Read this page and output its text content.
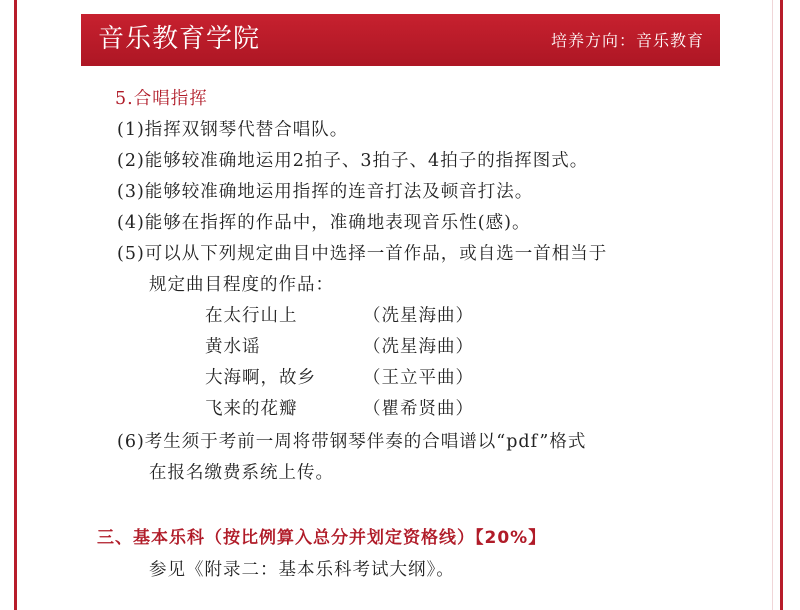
音乐教育学院	培养方向：音乐教育
5.合唱指挥
(1)指挥双钢琴代替合唱队。
(2)能够较准确地运用2拍子、3拍子、4拍子的指挥图式。
(3)能够较准确地运用指挥的连音打法及顿音打法。
(4)能够在指挥的作品中，准确地表现音乐性(感)。
(5)可以从下列规定曲目中选择一首作品，或自选一首相当于
规定曲目程度的作品：
在太行山上	（冼星海曲）
黄水谣	（冼星海曲）
大海啊，故乡	（王立平曲）
飞来的花瓣	（瞿希贤曲）
(6)考生须于考前一周将带钢琴伴奏的合唱谱以“pdf”格式
在报名缴费系统上传。
三、基本乐科（按比例算入总分并划定资格线）【20%】
参见《附录二：基本乐科考试大纲》。
